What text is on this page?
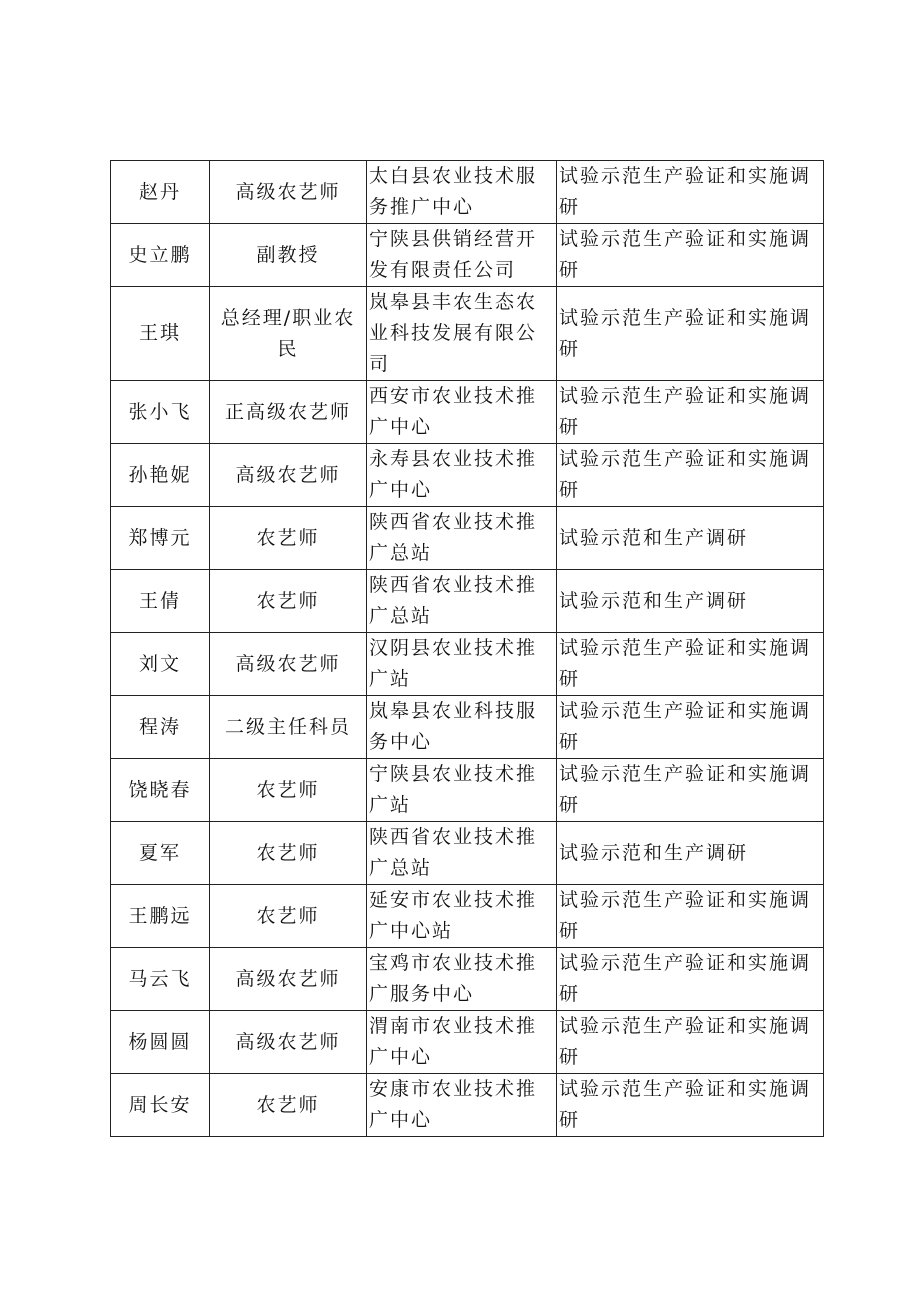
赵丹	高级农艺师	太白县农业技术服务推广中心	试验示范生产验证和实施调研
史立鹏	副教授	宁陕县供销经营开发有限责任公司	试验示范生产验证和实施调研
王琪	总经理/职业农民	岚皋县丰农生态农业科技发展有限公司	试验示范生产验证和实施调研
张小飞	正高级农艺师	西安市农业技术推广中心	试验示范生产验证和实施调研
孙艳妮	高级农艺师	永寿县农业技术推广中心	试验示范生产验证和实施调研
郑博元	农艺师	陕西省农业技术推广总站	试验示范和生产调研
王倩	农艺师	陕西省农业技术推广总站	试验示范和生产调研
刘文	高级农艺师	汉阴县农业技术推广站	试验示范生产验证和实施调研
程涛	二级主任科员	岚皋县农业科技服务中心	试验示范生产验证和实施调研
饶晓春	农艺师	宁陕县农业技术推广站	试验示范生产验证和实施调研
夏军	农艺师	陕西省农业技术推广总站	试验示范和生产调研
王鹏远	农艺师	延安市农业技术推广中心站	试验示范生产验证和实施调研
马云飞	高级农艺师	宝鸡市农业技术推广服务中心	试验示范生产验证和实施调研
杨圆圆	高级农艺师	渭南市农业技术推广中心	试验示范生产验证和实施调研
周长安	农艺师	安康市农业技术推广中心	试验示范生产验证和实施调研
